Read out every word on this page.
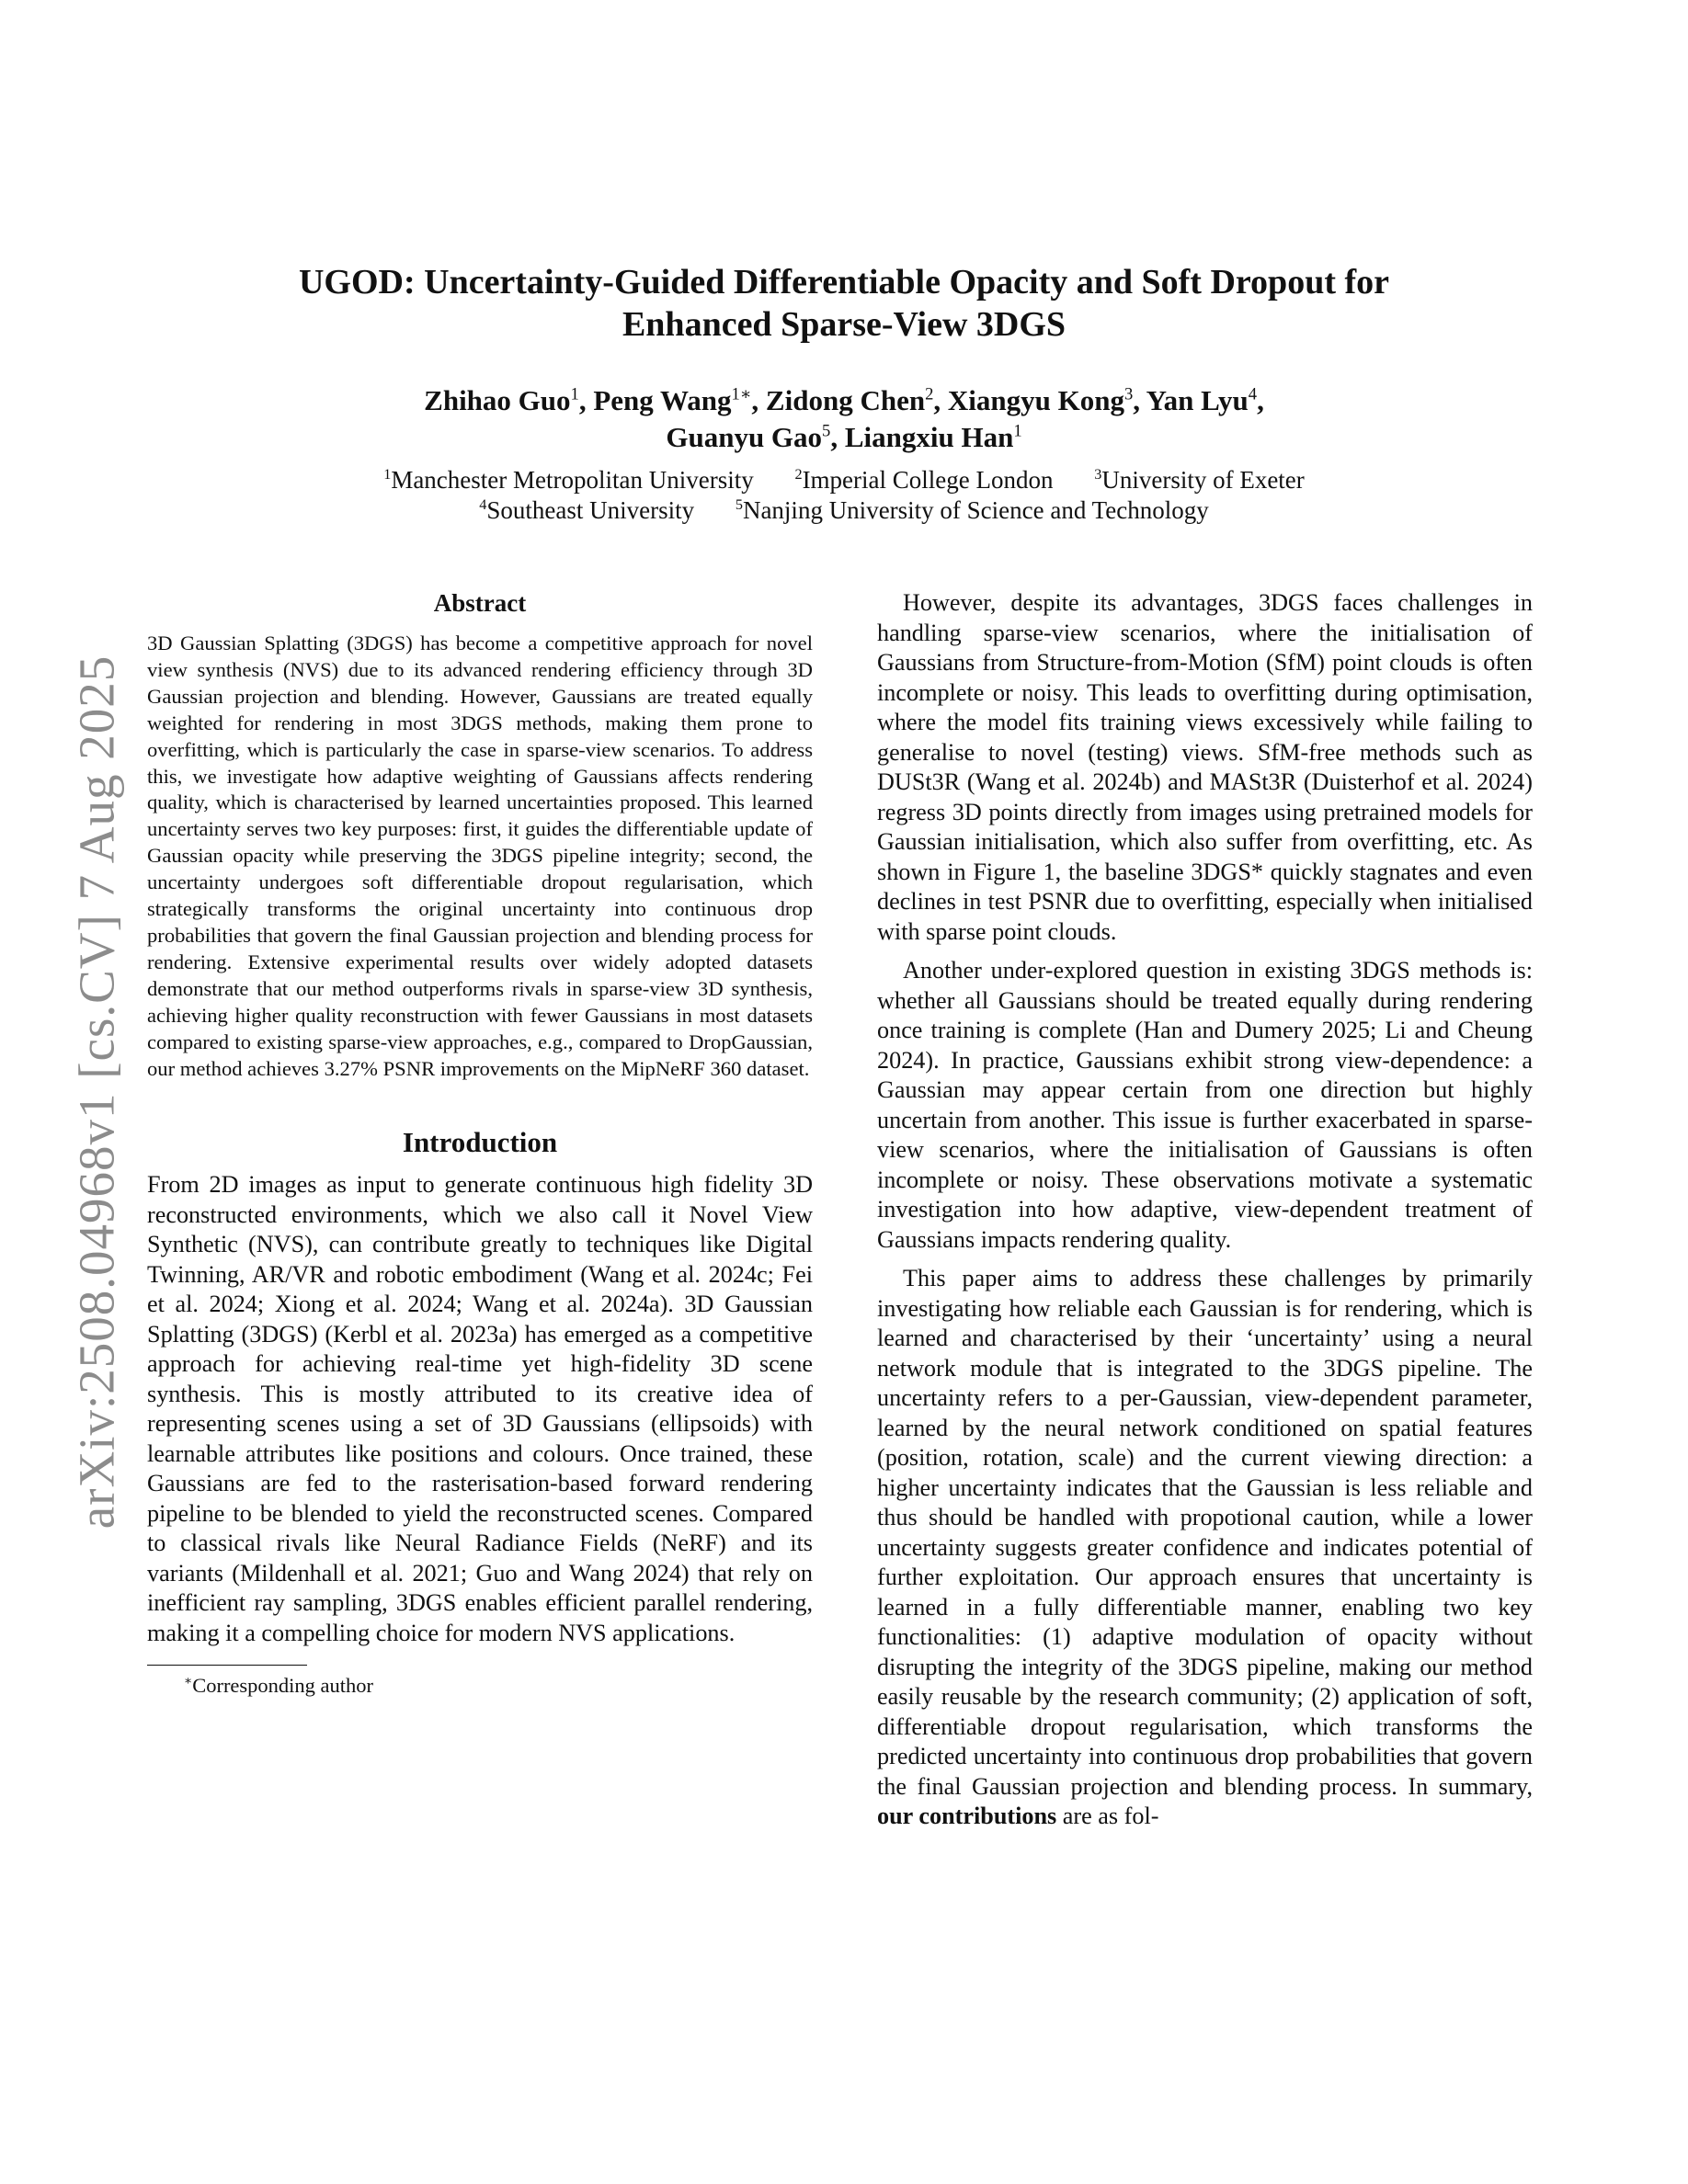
arXiv:2508.04968v1 [cs.CV] 7 Aug 2025
UGOD: Uncertainty-Guided Differentiable Opacity and Soft Dropout for
Enhanced Sparse-View 3DGS
Zhihao Guo$^1$, Peng Wang$^{1∗}$, Zidong Chen$^2$, Xiangyu Kong$^3$, Yan Lyu$^4$,
Guanyu Gao$^5$, Liangxiu Han$^1$
$^1$Manchester Metropolitan University	$^2$Imperial College London	$^3$University of Exeter
$^4$Southeast University	$^5$Nanjing University of Science and Technology
Abstract

3D Gaussian Splatting (3DGS) has become a competitive approach for novel view synthesis (NVS) due to its advanced rendering efficiency through 3D Gaussian projection and blending. However, Gaussians are treated equally weighted for rendering in most 3DGS methods, making them prone to overfitting, which is particularly the case in sparse-view scenarios. To address this, we investigate how adaptive weighting of Gaussians affects rendering quality, which is characterised by learned uncertainties proposed. This learned uncertainty serves two key purposes: first, it guides the differentiable update of Gaussian opacity while preserving the 3DGS pipeline integrity; second, the uncertainty undergoes soft differentiable dropout regularisation, which strategically transforms the original uncertainty into continuous drop probabilities that govern the final Gaussian projection and blending process for rendering. Extensive experimental results over widely adopted datasets demonstrate that our method outperforms rivals in sparse-view 3D synthesis, achieving higher quality reconstruction with fewer Gaussians in most datasets compared to existing sparse-view approaches, e.g., compared to DropGaussian, our method achieves 3.27% PSNR improvements on the MipNeRF 360 dataset.

Introduction

From 2D images as input to generate continuous high fidelity 3D reconstructed environments, which we also call it Novel View Synthetic (NVS), can contribute greatly to techniques like Digital Twinning, AR/VR and robotic embodiment (Wang et al. 2024c; Fei et al. 2024; Xiong et al. 2024; Wang et al. 2024a). 3D Gaussian Splatting (3DGS) (Kerbl et al. 2023a) has emerged as a competitive approach for achieving real-time yet high-fidelity 3D scene synthesis. This is mostly attributed to its creative idea of representing scenes using a set of 3D Gaussians (ellipsoids) with learnable attributes like positions and colours. Once trained, these Gaussians are fed to the rasterisation-based forward rendering pipeline to be blended to yield the reconstructed scenes. Compared to classical rivals like Neural Radiance Fields (NeRF) and its variants (Mildenhall et al. 2021; Guo and Wang 2024) that rely on inefficient ray sampling, 3DGS enables efficient parallel rendering, making it a compelling choice for modern NVS applications.

∗Corresponding author

However, despite its advantages, 3DGS faces challenges in handling sparse-view scenarios, where the initialisation of Gaussians from Structure-from-Motion (SfM) point clouds is often incomplete or noisy. This leads to overfitting during optimisation, where the model fits training views excessively while failing to generalise to novel (testing) views. SfM-free methods such as DUSt3R (Wang et al. 2024b) and MASt3R (Duisterhof et al. 2024) regress 3D points directly from images using pretrained models for Gaussian initialisation, which also suffer from overfitting, etc. As shown in Figure 1, the baseline 3DGS* quickly stagnates and even declines in test PSNR due to overfitting, especially when initialised with sparse point clouds.

Another under-explored question in existing 3DGS methods is: whether all Gaussians should be treated equally during rendering once training is complete (Han and Dumery 2025; Li and Cheung 2024). In practice, Gaussians exhibit strong view-dependence: a Gaussian may appear certain from one direction but highly uncertain from another. This issue is further exacerbated in sparse-view scenarios, where the initialisation of Gaussians is often incomplete or noisy. These observations motivate a systematic investigation into how adaptive, view-dependent treatment of Gaussians impacts rendering quality.

This paper aims to address these challenges by primarily investigating how reliable each Gaussian is for rendering, which is learned and characterised by their ‘uncertainty’ using a neural network module that is integrated to the 3DGS pipeline. The uncertainty refers to a per-Gaussian, view-dependent parameter, learned by the neural network conditioned on spatial features (position, rotation, scale) and the current viewing direction: a higher uncertainty indicates that the Gaussian is less reliable and thus should be handled with propotional caution, while a lower uncertainty suggests greater confidence and indicates potential of further exploitation. Our approach ensures that uncertainty is learned in a fully differentiable manner, enabling two key functionalities: (1) adaptive modulation of opacity without disrupting the integrity of the 3DGS pipeline, making our method easily reusable by the research community; (2) application of soft, differentiable dropout regularisation, which transforms the predicted uncertainty into continuous drop probabilities that govern the final Gaussian projection and blending process. In summary, our contributions are as fol-
